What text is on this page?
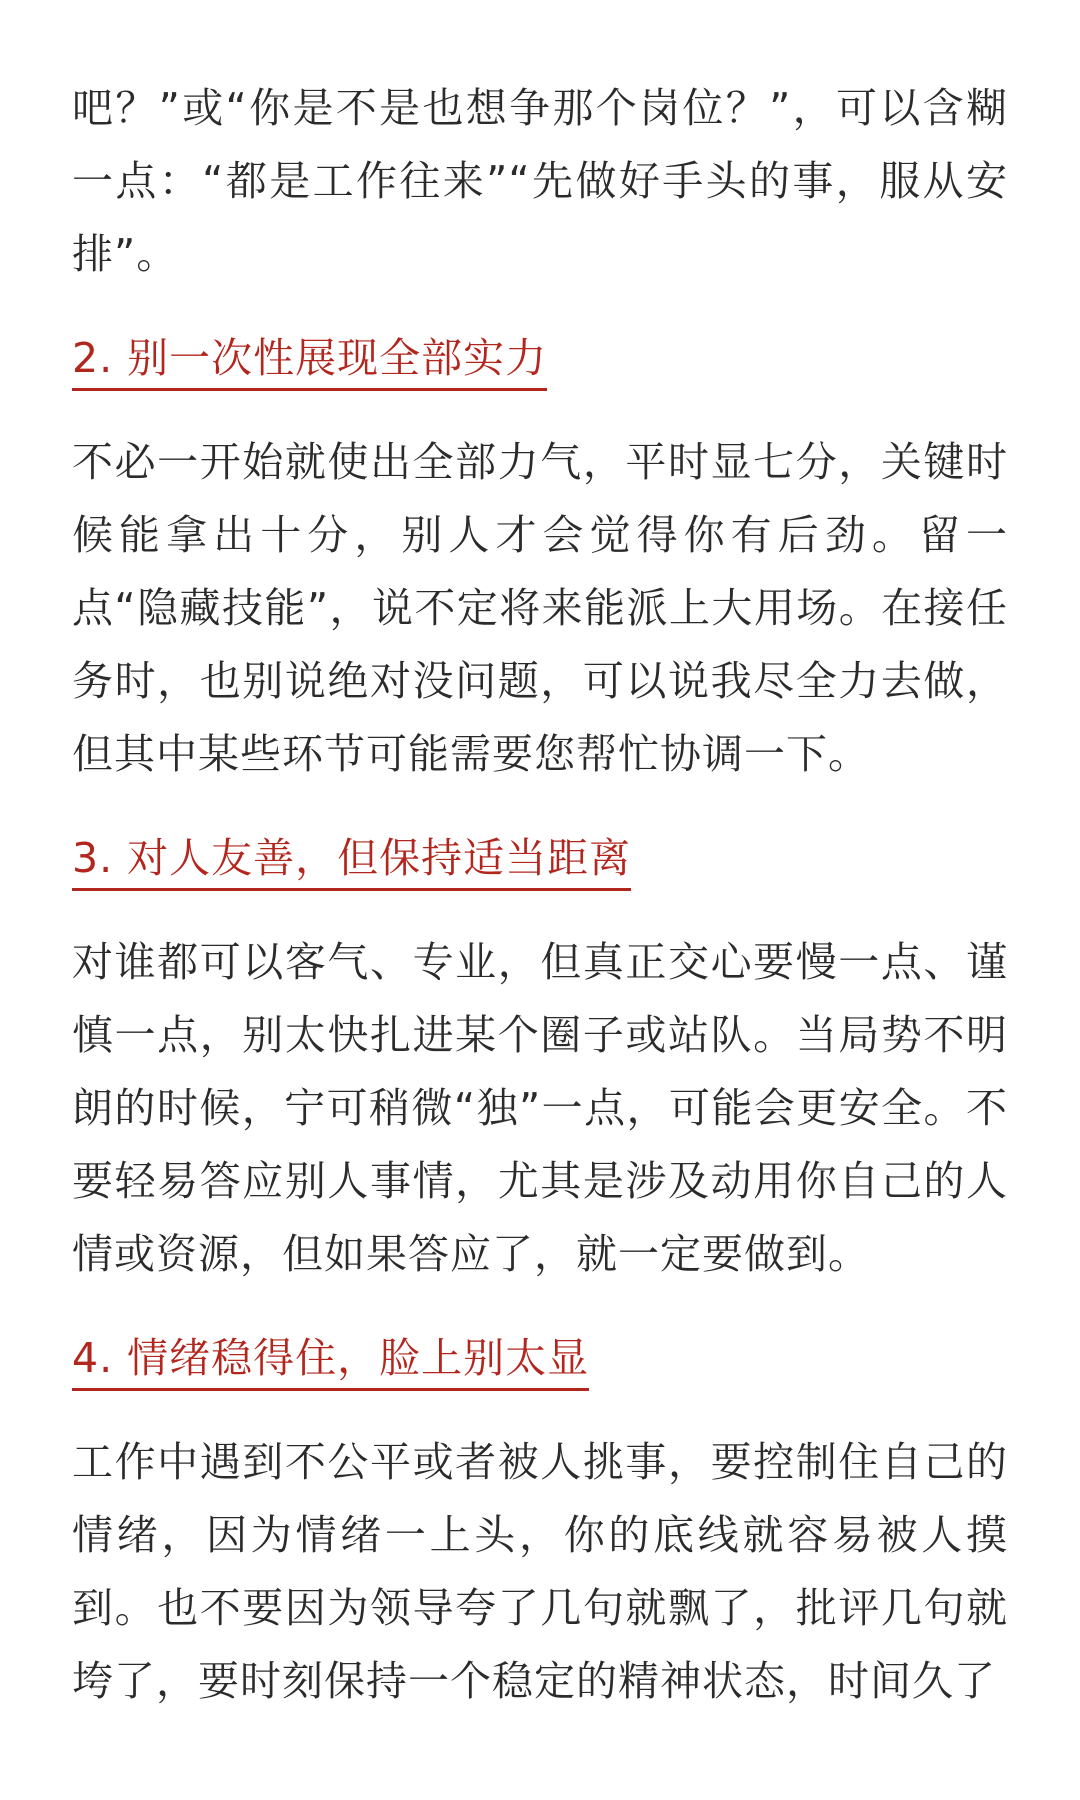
吧？”或“你是不是也想争那个岗位？”，可以含糊一点：“都是工作往来”“先做好手头的事，服从安排”。

2. 别一次性展现全部实力

不必一开始就使出全部力气，平时显七分，关键时候能拿出十分，别人才会觉得你有后劲。留一点“隐藏技能”，说不定将来能派上大用场。在接任务时，也别说绝对没问题，可以说我尽全力去做，但其中某些环节可能需要您帮忙协调一下。

3. 对人友善，但保持适当距离

对谁都可以客气、专业，但真正交心要慢一点、谨慎一点，别太快扎进某个圈子或站队。当局势不明朗的时候，宁可稍微“独”一点，可能会更安全。不要轻易答应别人事情，尤其是涉及动用你自己的人情或资源，但如果答应了，就一定要做到。

4. 情绪稳得住，脸上别太显

工作中遇到不公平或者被人挑事，要控制住自己的情绪，因为情绪一上头，你的底线就容易被人摸到。也不要因为领导夸了几句就飘了，批评几句就垮了，要时刻保持一个稳定的精神状态，时间久了
